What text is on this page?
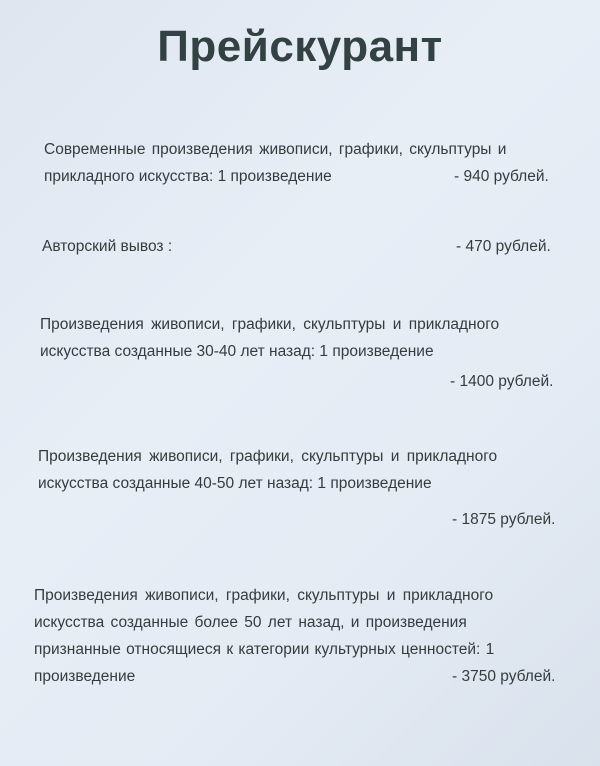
Прейскурант
Современные произведения живописи, графики, скульптуры и
прикладного искусства: 1 произведение	- 940 рублей.
Авторский вывоз :	- 470 рублей.
Произведения живописи, графики, скульптуры и прикладного
искусства созданные 30-40 лет назад: 1 произведение
- 1400 рублей.
Произведения живописи, графики, скульптуры и прикладного
искусства созданные 40-50 лет назад: 1 произведение
- 1875 рублей.
Произведения живописи, графики, скульптуры и прикладного
искусства созданные более 50 лет назад, и произведения
признанные относящиеся к категории культурных ценностей: 1
произведение	- 3750 рублей.
